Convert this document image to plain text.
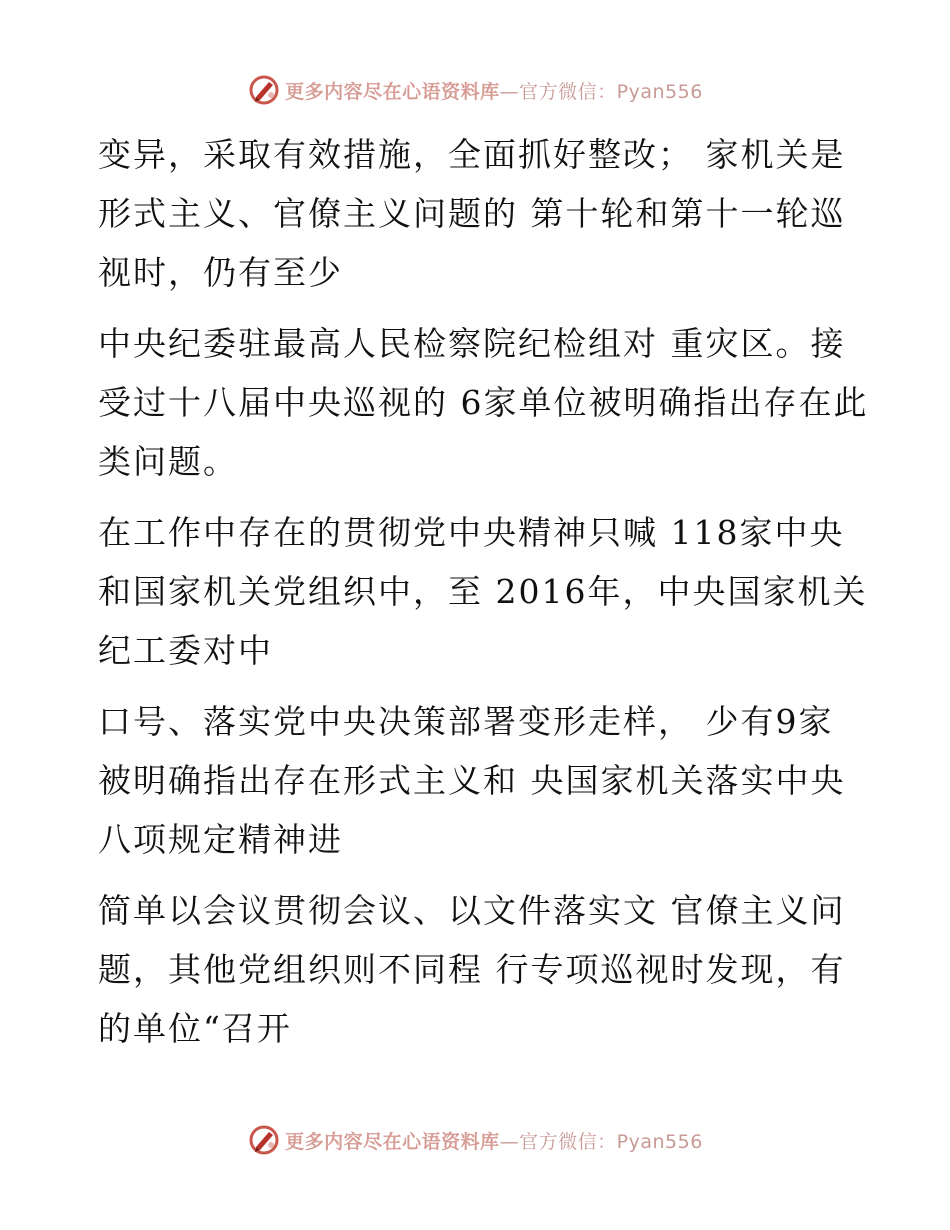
更多内容尽在心语资料库—官方微信：Pyan556
变异，采取有效措施，全面抓好整改； 家机关是
形式主义、官僚主义问题的 第十轮和第十一轮巡
视时，仍有至少
中央纪委驻最高人民检察院纪检组对 重灾区。接
受过十八届中央巡视的 6家单位被明确指出存在此
类问题。
在工作中存在的贯彻党中央精神只喊 118家中央
和国家机关党组织中，至 2016年，中央国家机关
纪工委对中
口号、落实党中央决策部署变形走样， 少有9家
被明确指出存在形式主义和 央国家机关落实中央
八项规定精神进
简单以会议贯彻会议、以文件落实文 官僚主义问
题，其他党组织则不同程 行专项巡视时发现，有
的单位“召开
更多内容尽在心语资料库—官方微信：Pyan556
